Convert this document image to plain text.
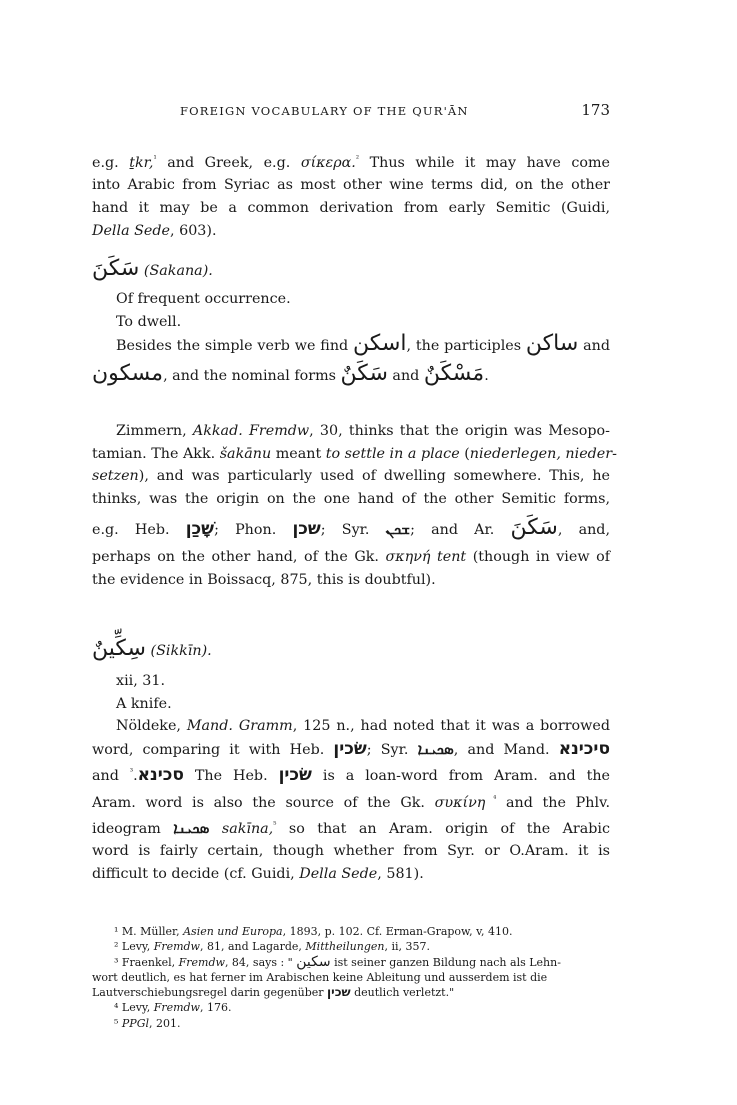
FOREIGN VOCABULARY OF THE QUR'ĀN	173
e.g. ṯkr,$^{^1}$ and Greek, e.g. σίκερα.$^{^2}$ Thus while it may have come
into Arabic from Syriac as most other wine terms did, on the other
hand it may be a common derivation from early Semitic (Guidi,
Della Sede, 603).
سَكَنَ (Sakana).
Of frequent occurrence.
To dwell.
Besides the simple verb we find اسكن, the participles ساكن and
مسكون, and the nominal forms سَكَنٌ and مَسْكَنٌ.
Zimmern, Akkad. Fremdw, 30, thinks that the origin was Mesopo-
tamian. The Akk. šakānu meant to settle in a place (niederlegen, nieder-
setzen), and was particularly used of dwelling somewhere. This, he
thinks, was the origin on the one hand of the other Semitic forms,
e.g. Heb. שָׁכַן; Phon. שכן; Syr. ܫܟܢ; and Ar. سَكَنَ, and,
perhaps on the other hand, of the Gk. σκηνή tent (though in view of
the evidence in Boissacq, 875, this is doubtful).
سِكِّينٌ (Sikkīn).
xii, 31.
A knife.
Nöldeke, Mand. Gramm, 125 n., had noted that it was a borrowed
word, comparing it with Heb. שׂכין; Syr. ܣܟܝܢܐ, and Mand. סיכינא
and סכינא.$^{^3}$	The Heb. שׂכין is a loan-word from Aram. and the
Aram. word is also the source of the Gk. συκίνη $^{^4}$ and the Phlv.
ideogram ܣܟܝܢܐ sakīna,$^{^5}$ so that an Aram. origin of the Arabic
word is fairly certain, though whether from Syr. or O.Aram. it is
difficult to decide (cf. Guidi, Della Sede, 581).
¹ M. Müller, Asien und Europa, 1893, p. 102. Cf. Erman-Grapow, v, 410.
² Levy, Fremdw, 81, and Lagarde, Mittheilungen, ii, 357.
³ Fraenkel, Fremdw, 84, says : " سكين ist seiner ganzen Bildung nach als Lehn-
wort deutlich, es hat ferner im Arabischen keine Ableitung und ausserdem ist die
Lautverschiebungsregel darin gegenüber שכין deutlich verletzt."
⁴ Levy, Fremdw, 176.
⁵ PPGl, 201.
